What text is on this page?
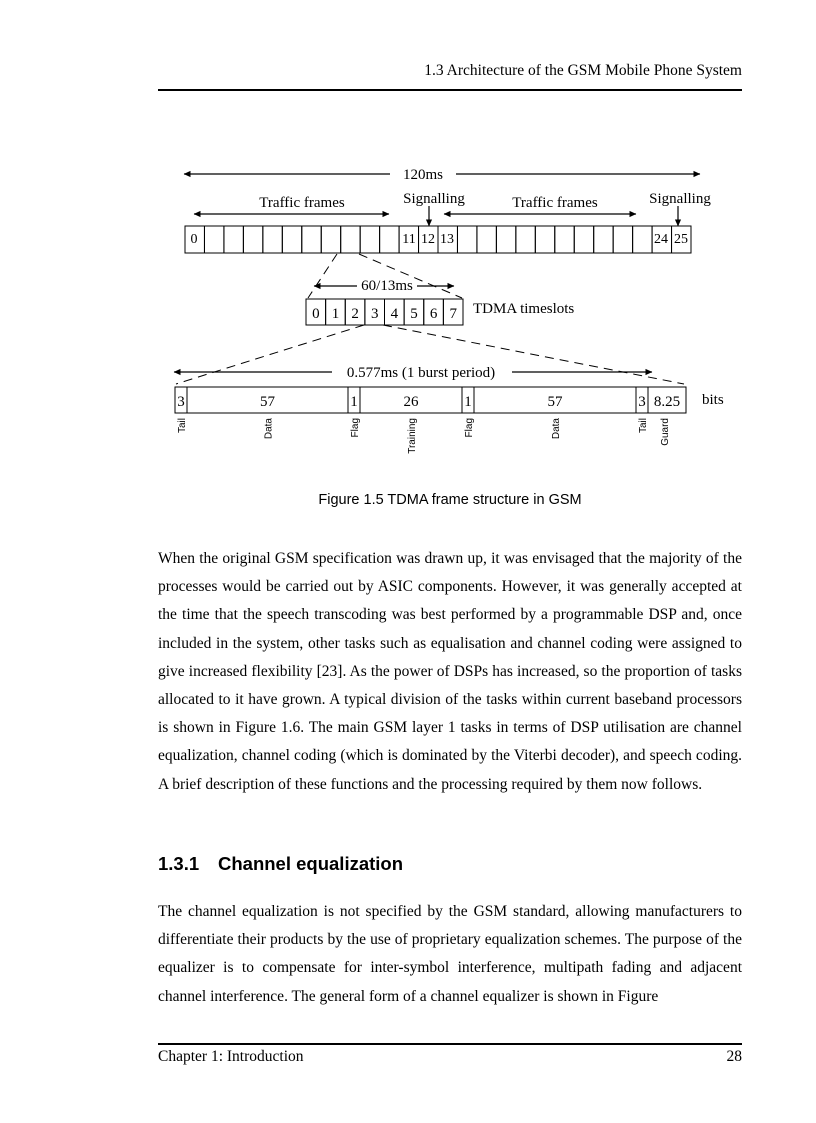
1.3 Architecture of the GSM Mobile Phone System
120ms
Traffic frames	Signalling	Traffic frames	Signalling
0	11 12 13	24 25
60/13ms
0 1 2 3 4 5 6 7 TDMA timeslots
0.577ms (1 burst period)
3	57	1	26	1	57	3 8.25 bits
Tail	Data	Flag	Training	Flag	Data	Tail Guard
Figure 1.5 TDMA frame structure in GSM

When the original GSM specification was drawn up, it was envisaged that the majority of the processes would be carried out by ASIC components. However, it was generally accepted at the time that the speech transcoding was best performed by a programmable DSP and, once included in the system, other tasks such as equalisation and channel coding were assigned to give increased flexibility [23]. As the power of DSPs has increased, so the proportion of tasks allocated to it have grown. A typical division of the tasks within current baseband processors is shown in Figure 1.6. The main GSM layer 1 tasks in terms of DSP utilisation are channel equalization, channel coding (which is dominated by the Viterbi decoder), and speech coding. A brief description of these functions and the processing required by them now follows.

1.3.1 Channel equalization

The channel equalization is not specified by the GSM standard, allowing manufacturers to differentiate their products by the use of proprietary equalization schemes. The purpose of the equalizer is to compensate for inter-symbol interference, multipath fading and adjacent channel interference. The general form of a channel equalizer is shown in Figure

Chapter 1: Introduction	28
